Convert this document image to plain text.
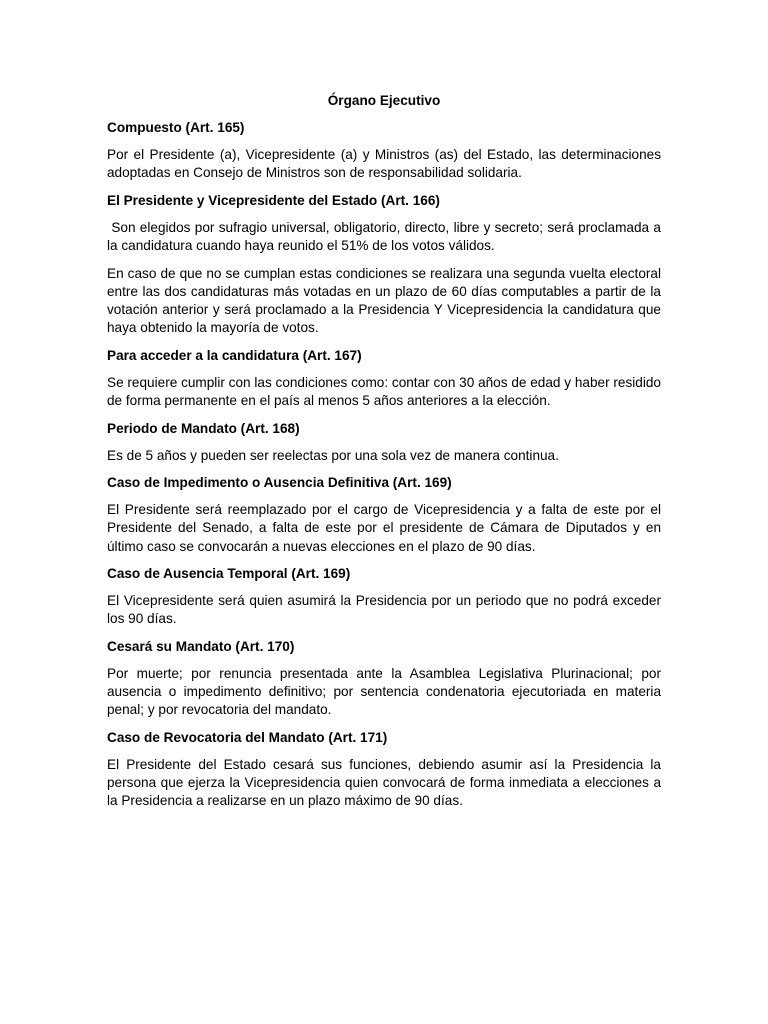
Órgano Ejecutivo
Compuesto (Art. 165)
Por el Presidente (a), Vicepresidente (a) y Ministros (as) del Estado, las determinaciones adoptadas en Consejo de Ministros son de responsabilidad solidaria.
El Presidente y Vicepresidente del Estado (Art. 166)
Son elegidos por sufragio universal, obligatorio, directo, libre y secreto; será proclamada a la candidatura cuando haya reunido el 51% de los votos válidos.
En caso de que no se cumplan estas condiciones se realizara una segunda vuelta electoral entre las dos candidaturas más votadas en un plazo de 60 días computables a partir de la votación anterior y será proclamado a la Presidencia Y Vicepresidencia la candidatura que haya obtenido la mayoría de votos.
Para acceder a la candidatura (Art. 167)
Se requiere cumplir con las condiciones como: contar con 30 años de edad y haber residido de forma permanente en el país al menos 5 años anteriores a la elección.
Periodo de Mandato (Art. 168)
Es de 5 años y pueden ser reelectas por una sola vez de manera continua.
Caso de Impedimento o Ausencia Definitiva (Art. 169)
El Presidente será reemplazado por el cargo de Vicepresidencia y a falta de este por el Presidente del Senado, a falta de este por el presidente de Cámara de Diputados y en último caso se convocarán a nuevas elecciones en el plazo de 90 días.
Caso de Ausencia Temporal (Art. 169)
El Vicepresidente será quien asumirá la Presidencia por un periodo que no podrá exceder los 90 días.
Cesará su Mandato (Art. 170)
Por muerte; por renuncia presentada ante la Asamblea Legislativa Plurinacional; por ausencia o impedimento definitivo; por sentencia condenatoria ejecutoriada en materia penal; y por revocatoria del mandato.
Caso de Revocatoria del Mandato (Art. 171)
El Presidente del Estado cesará sus funciones, debiendo asumir así la Presidencia la persona que ejerza la Vicepresidencia quien convocará de forma inmediata a elecciones a la Presidencia a realizarse en un plazo máximo de 90 días.
